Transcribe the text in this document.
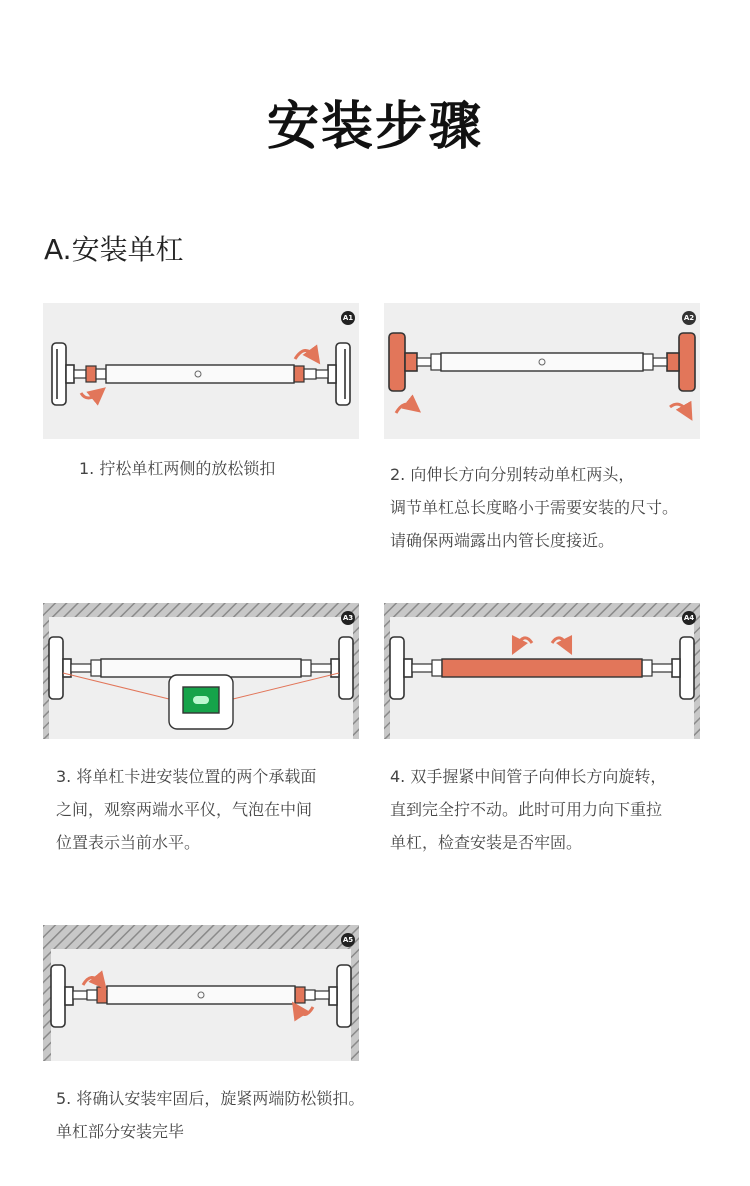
安装步骤
A.安装单杠
A1	A2
A3	A4
A5
1. 拧松单杠两侧的放松锁扣	2. 向伸长方向分别转动单杠两头，
调节单杠总长度略小于需要安装的尺寸。
请确保两端露出内管长度接近。
3. 将单杠卡进安装位置的两个承载面
之间，观察两端水平仪，气泡在中间
位置表示当前水平。
4. 双手握紧中间管子向伸长方向旋转，
直到完全拧不动。此时可用力向下重拉
单杠，检查安装是否牢固。
5. 将确认安装牢固后，旋紧两端防松锁扣。
单杠部分安装完毕
